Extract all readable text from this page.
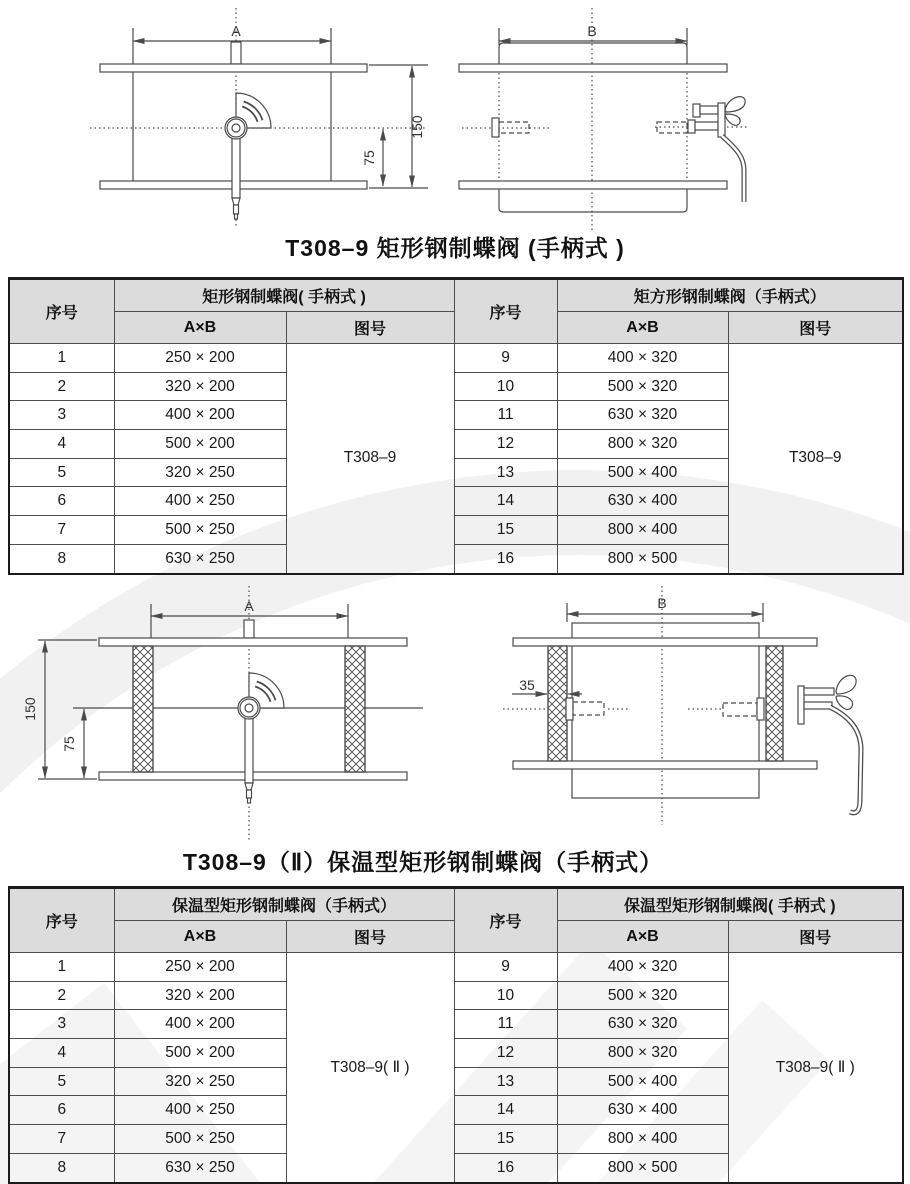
A
150
75
B
T308–9 矩形钢制蝶阀 (手柄式 )
序号	矩形钢制蝶阀( 手柄式 )		序号	矩方形钢制蝶阀（手柄式）	
	A×B	图号		A×B	图号
1	250 × 200	T308–9	9	400 × 320	T308–9
2	320 × 200		10	500 × 320	
3	400 × 200		11	630 × 320	
4	500 × 200		12	800 × 320	
5	320 × 250		13	500 × 400	
6	400 × 250		14	630 × 400	
7	500 × 250		15	800 × 400	
8	630 × 250		16	800 × 500	
A
150
75
B
35
T308–9（Ⅱ）保温型矩形钢制蝶阀（手柄式）
序号	保温型矩形钢制蝶阀（手柄式）		序号	保温型矩形钢制蝶阀( 手柄式 )	
	A×B	图号		A×B	图号
1	250 × 200	T308–9( Ⅱ )	9	400 × 320	T308–9( Ⅱ )
2	320 × 200		10	500 × 320	
3	400 × 200		11	630 × 320	
4	500 × 200		12	800 × 320	
5	320 × 250		13	500 × 400	
6	400 × 250		14	630 × 400	
7	500 × 250		15	800 × 400	
8	630 × 250		16	800 × 500	
